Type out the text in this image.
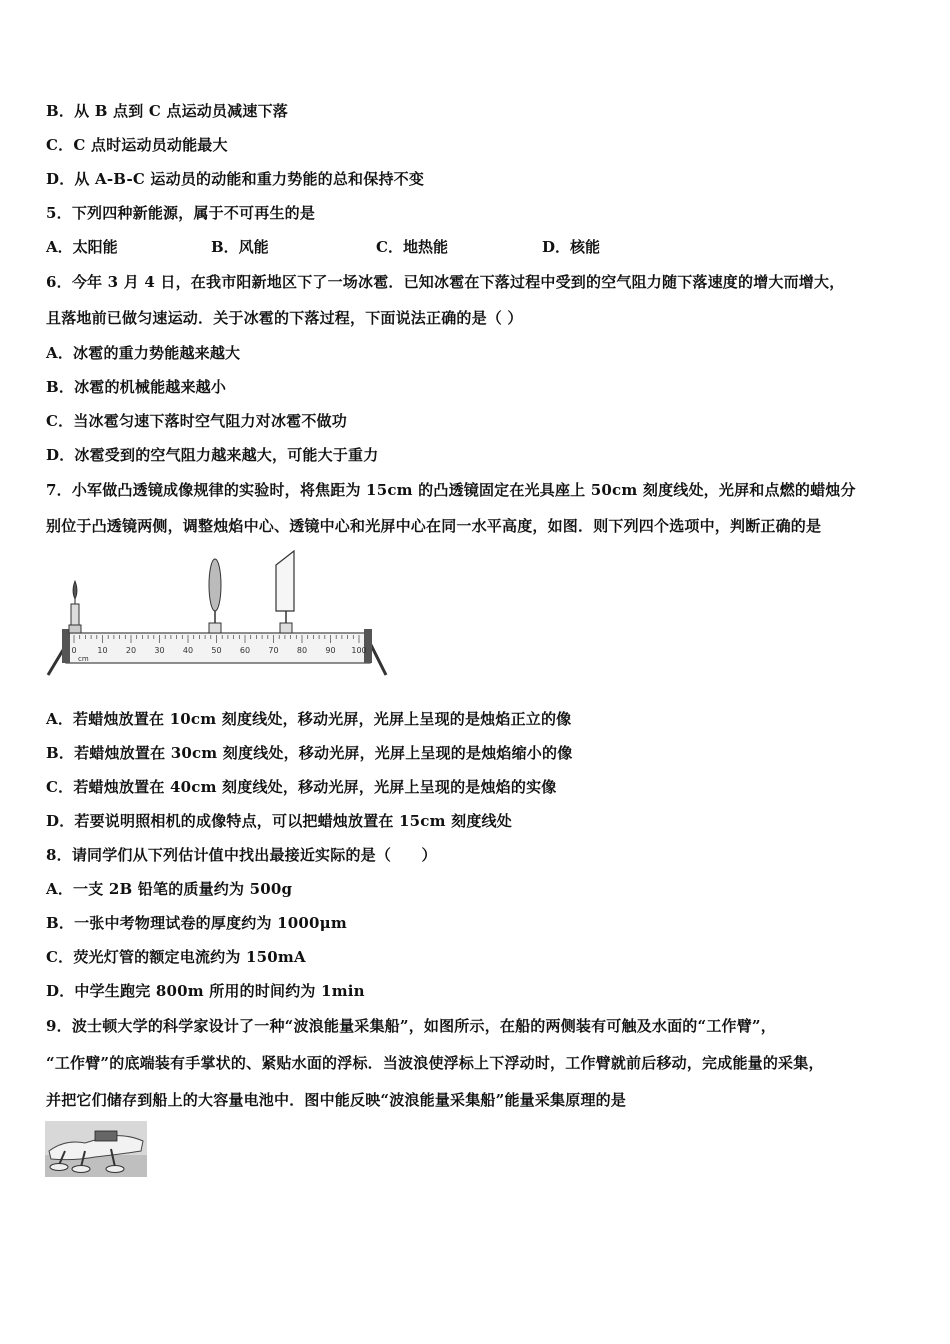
B．从 B 点到 C 点运动员减速下落
C．C 点时运动员动能最大
D．从 A-B-C 运动员的动能和重力势能的总和保持不变
5．下列四种新能源，属于不可再生的是
A．太阳能	B．风能	C．地热能	D．核能
6．今年 3 月 4 日，在我市阳新地区下了一场冰雹．已知冰雹在下落过程中受到的空气阻力随下落速度的增大而增大，
且落地前已做匀速运动．关于冰雹的下落过程，下面说法正确的是（ ）
A．冰雹的重力势能越来越大
B．冰雹的机械能越来越小
C．当冰雹匀速下落时空气阻力对冰雹不做功
D．冰雹受到的空气阻力越来越大，可能大于重力
7．小军做凸透镜成像规律的实验时，将焦距为 15cm 的凸透镜固定在光具座上 50cm 刻度线处，光屏和点燃的蜡烛分
别位于凸透镜两侧，调整烛焰中心、透镜中心和光屏中心在同一水平高度，如图．则下列四个选项中，判断正确的是
0	10 20 30 40 50 60 70 80 90 100
cm
A．若蜡烛放置在 10cm 刻度线处，移动光屏，光屏上呈现的是烛焰正立的像
B．若蜡烛放置在 30cm 刻度线处，移动光屏，光屏上呈现的是烛焰缩小的像
C．若蜡烛放置在 40cm 刻度线处，移动光屏，光屏上呈现的是烛焰的实像
D．若要说明照相机的成像特点，可以把蜡烛放置在 15cm 刻度线处
8．请同学们从下列估计值中找出最接近实际的是（　　）
A．一支 2B 铅笔的质量约为 500g
B．一张中考物理试卷的厚度约为 1000μm
C．荧光灯管的额定电流约为 150mA
D．中学生跑完 800m 所用的时间约为 1min
9．波士顿大学的科学家设计了一种“波浪能量采集船”，如图所示，在船的两侧装有可触及水面的“工作臂”，
“工作臂”的底端装有手掌状的、紧贴水面的浮标．当波浪使浮标上下浮动时，工作臂就前后移动，完成能量的采集，
并把它们储存到船上的大容量电池中．图中能反映“波浪能量采集船”能量采集原理的是
